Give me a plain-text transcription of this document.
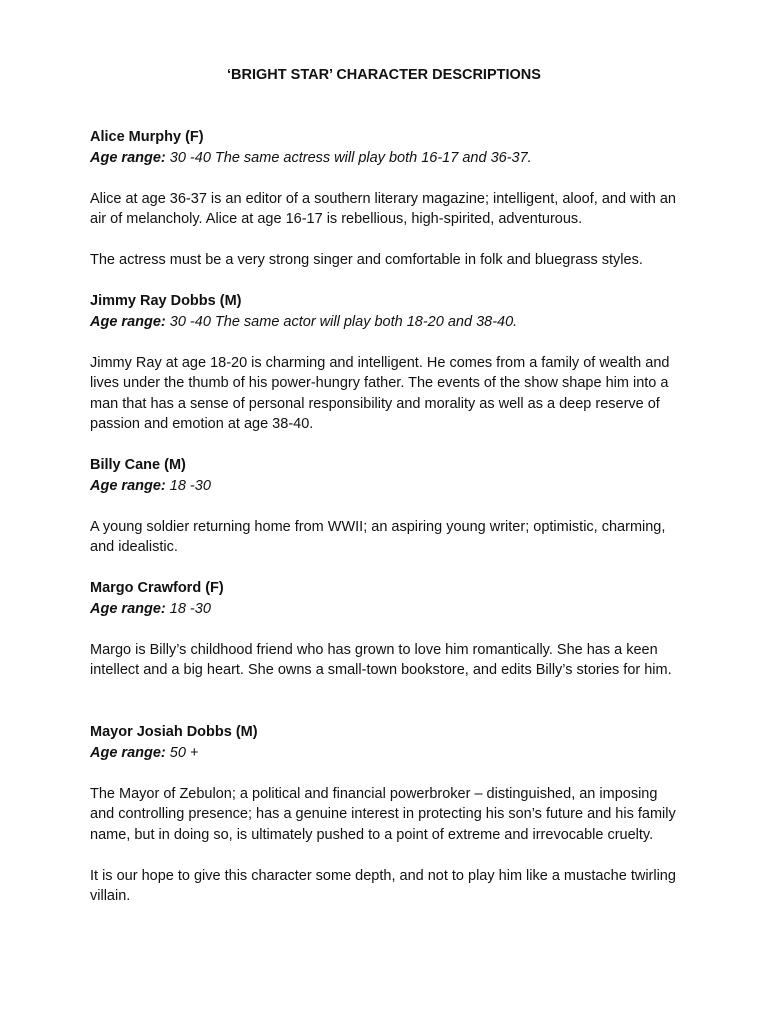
‘BRIGHT STAR’ CHARACTER DESCRIPTIONS

Alice Murphy (F)

Age range: 30 -40 The same actress will play both 16-17 and 36-37.

Alice at age 36-37 is an editor of a southern literary magazine; intelligent, aloof, and with an air of melancholy. Alice at age 16-17 is rebellious, high-spirited, adventurous.

The actress must be a very strong singer and comfortable in folk and bluegrass styles.

Jimmy Ray Dobbs (M)

Age range: 30 -40 The same actor will play both 18-20 and 38-40.

Jimmy Ray at age 18-20 is charming and intelligent. He comes from a family of wealth and lives under the thumb of his power-hungry father. The events of the show shape him into a man that has a sense of personal responsibility and morality as well as a deep reserve of passion and emotion at age 38-40.

Billy Cane (M)

Age range: 18 -30

A young soldier returning home from WWII; an aspiring young writer; optimistic, charming, and idealistic.

Margo Crawford (F)

Age range: 18 -30

Margo is Billy’s childhood friend who has grown to love him romantically. She has a keen intellect and a big heart. She owns a small-town bookstore, and edits Billy’s stories for him.

Mayor Josiah Dobbs (M)

Age range: 50 +

The Mayor of Zebulon; a political and financial powerbroker – distinguished, an imposing and controlling presence; has a genuine interest in protecting his son’s future and his family name, but in doing so, is ultimately pushed to a point of extreme and irrevocable cruelty.

It is our hope to give this character some depth, and not to play him like a mustache twirling villain.
